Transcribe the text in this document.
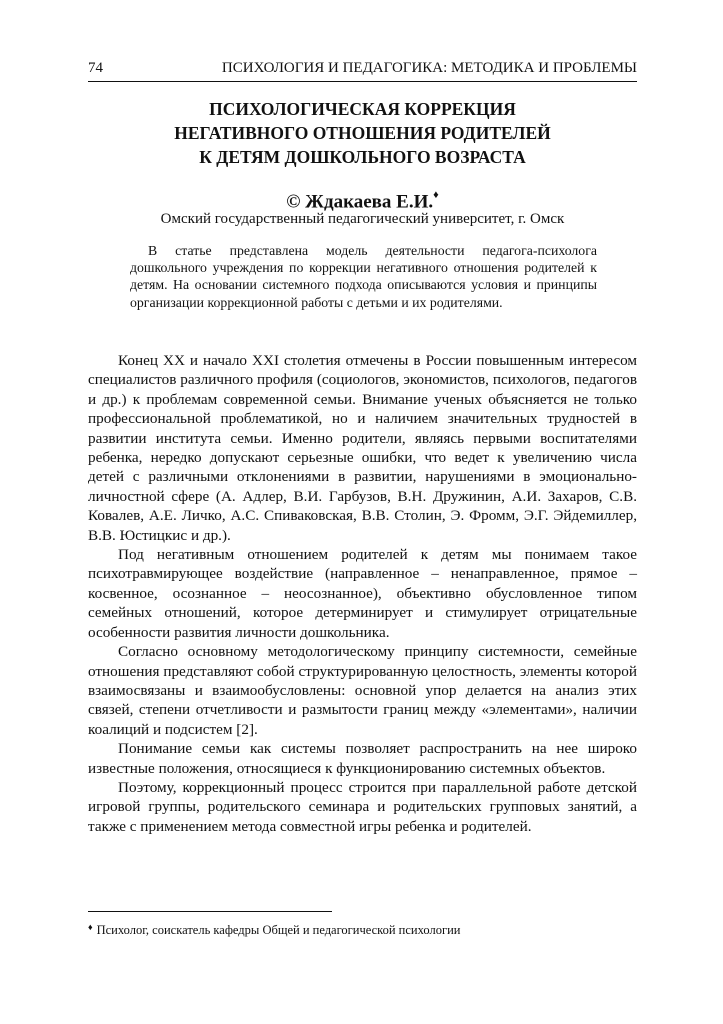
74	ПСИХОЛОГИЯ И ПЕДАГОГИКА: МЕТОДИКА И ПРОБЛЕМЫ
ПСИХОЛОГИЧЕСКАЯ КОРРЕКЦИЯ
НЕГАТИВНОГО ОТНОШЕНИЯ РОДИТЕЛЕЙ
К ДЕТЯМ ДОШКОЛЬНОГО ВОЗРАСТА
© Ждакаева Е.И.♦
Омский государственный педагогический университет, г. Омск
В статье представлена модель деятельности педагога-психолога дошкольного учреждения по коррекции негативного отношения родителей к детям. На основании системного подхода описываются условия и принципы организации коррекционной работы с детьми и их родителями.

Конец XX и начало XXI столетия отмечены в России повышенным интересом специалистов различного профиля (социологов, экономистов, психологов, педагогов и др.) к проблемам современной семьи. Внимание ученых объясняется не только профессиональной проблематикой, но и наличием значительных трудностей в развитии института семьи. Именно родители, являясь первыми воспитателями ребенка, нередко допускают серьезные ошибки, что ведет к увеличению числа детей с различными отклонениями в развитии, нарушениями в эмоционально-личностной сфере (А. Адлер, В.И. Гарбузов, В.Н. Дружинин, А.И. Захаров, С.В. Ковалев, А.Е. Личко, А.С. Спиваковская, В.В. Столин, Э. Фромм, Э.Г. Эйдемиллер, В.В. Юстицкис и др.).

Под негативным отношением родителей к детям мы понимаем такое психотравмирующее воздействие (направленное – ненаправленное, прямое – косвенное, осознанное – неосознанное), объективно обусловленное типом семейных отношений, которое детерминирует и стимулирует отрицательные особенности развития личности дошкольника.

Согласно основному методологическому принципу системности, семейные отношения представляют собой структурированную целостность, элементы которой взаимосвязаны и взаимообусловлены: основной упор делается на анализ этих связей, степени отчетливости и размытости границ между «элементами», наличии коалиций и подсистем [2].

Понимание семьи как системы позволяет распространить на нее широко известные положения, относящиеся к функционированию системных объектов.

Поэтому, коррекционный процесс строится при параллельной работе детской игровой группы, родительского семинара и родительских групповых занятий, а также с применением метода совместной игры ребенка и родителей.

♦ Психолог, соискатель кафедры Общей и педагогической психологии
